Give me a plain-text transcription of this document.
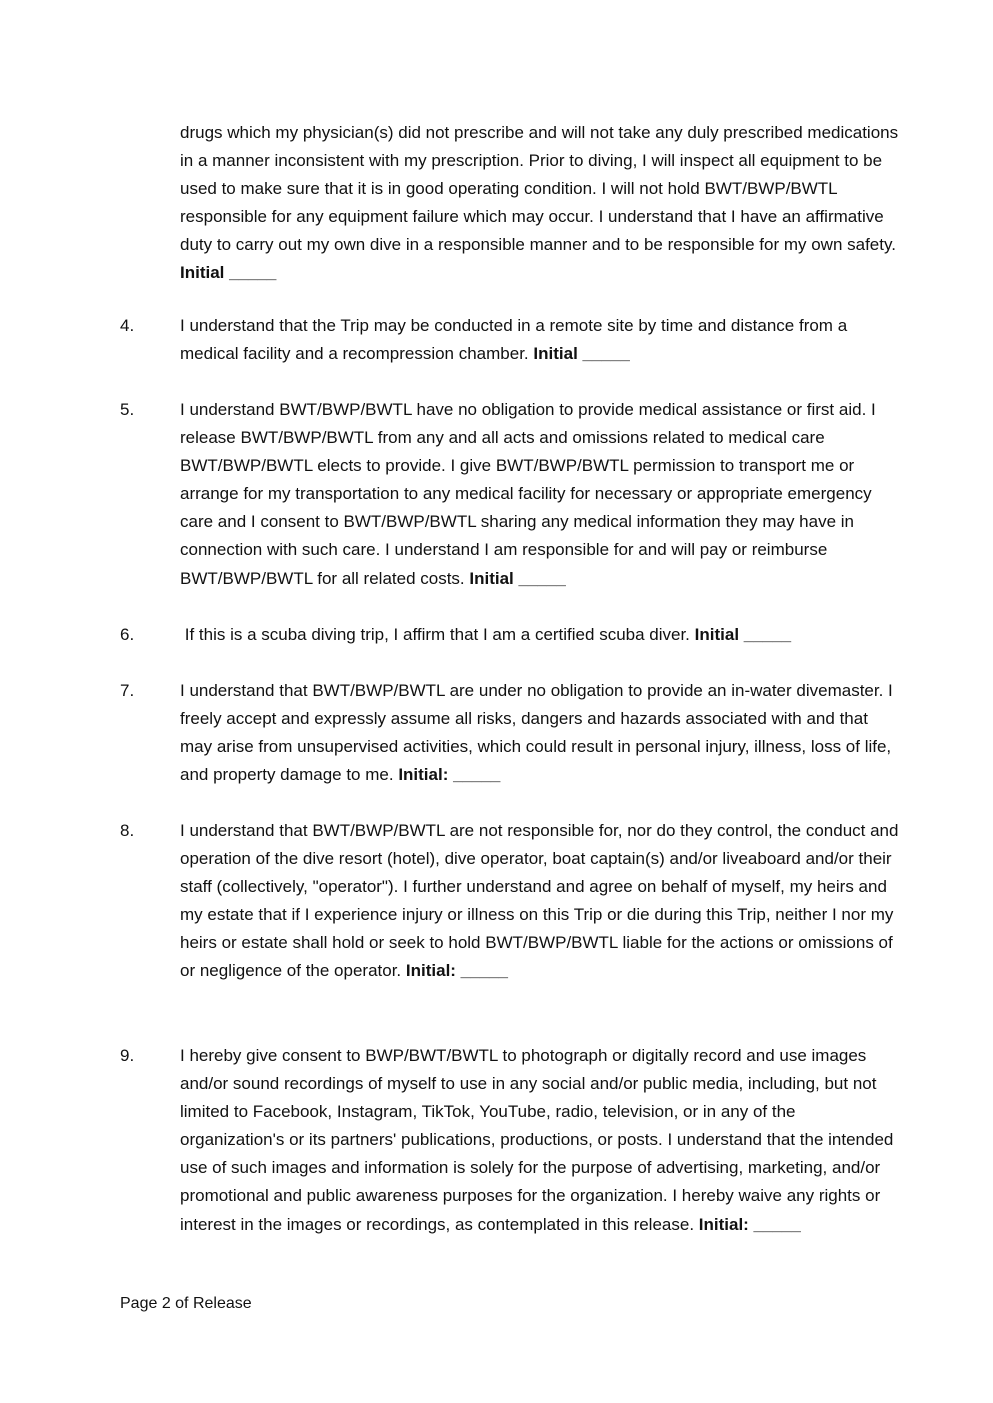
drugs which my physician(s) did not prescribe and will not take any duly prescribed medications in a manner inconsistent with my prescription. Prior to diving, I will inspect all equipment to be used to make sure that it is in good operating condition. I will not hold BWT/BWP/BWTL responsible for any equipment failure which may occur. I understand that I have an affirmative duty to carry out my own dive in a responsible manner and to be responsible for my own safety. Initial _____

4.	I understand that the Trip may be conducted in a remote site by time and distance from a medical facility and a recompression chamber. Initial _____

5.	I understand BWT/BWP/BWTL have no obligation to provide medical assistance or first aid. I release BWT/BWP/BWTL from any and all acts and omissions related to medical care BWT/BWP/BWTL elects to provide. I give BWT/BWP/BWTL permission to transport me or arrange for my transportation to any medical facility for necessary or appropriate emergency care and I consent to BWT/BWP/BWTL sharing any medical information they may have in connection with such care. I understand I am responsible for and will pay or reimburse BWT/BWP/BWTL for all related costs. Initial _____

6.	If this is a scuba diving trip, I affirm that I am a certified scuba diver. Initial _____

7.	I understand that BWT/BWP/BWTL are under no obligation to provide an in-water divemaster. I freely accept and expressly assume all risks, dangers and hazards associated with and that may arise from unsupervised activities, which could result in personal injury, illness, loss of life, and property damage to me. Initial: _____

8.	I understand that BWT/BWP/BWTL are not responsible for, nor do they control, the conduct and operation of the dive resort (hotel), dive operator, boat captain(s) and/or liveaboard and/or their staff (collectively, "operator"). I further understand and agree on behalf of myself, my heirs and my estate that if I experience injury or illness on this Trip or die during this Trip, neither I nor my heirs or estate shall hold or seek to hold BWT/BWP/BWTL liable for the actions or omissions of or negligence of the operator. Initial: _____

9.	I hereby give consent to BWP/BWT/BWTL to photograph or digitally record and use images and/or sound recordings of myself to use in any social and/or public media, including, but not limited to Facebook, Instagram, TikTok, YouTube, radio, television, or in any of the organization's or its partners' publications, productions, or posts. I understand that the intended use of such images and information is solely for the purpose of advertising, marketing, and/or promotional and public awareness purposes for the organization. I hereby waive any rights or interest in the images or recordings, as contemplated in this release. Initial: _____

Page 2 of Release
